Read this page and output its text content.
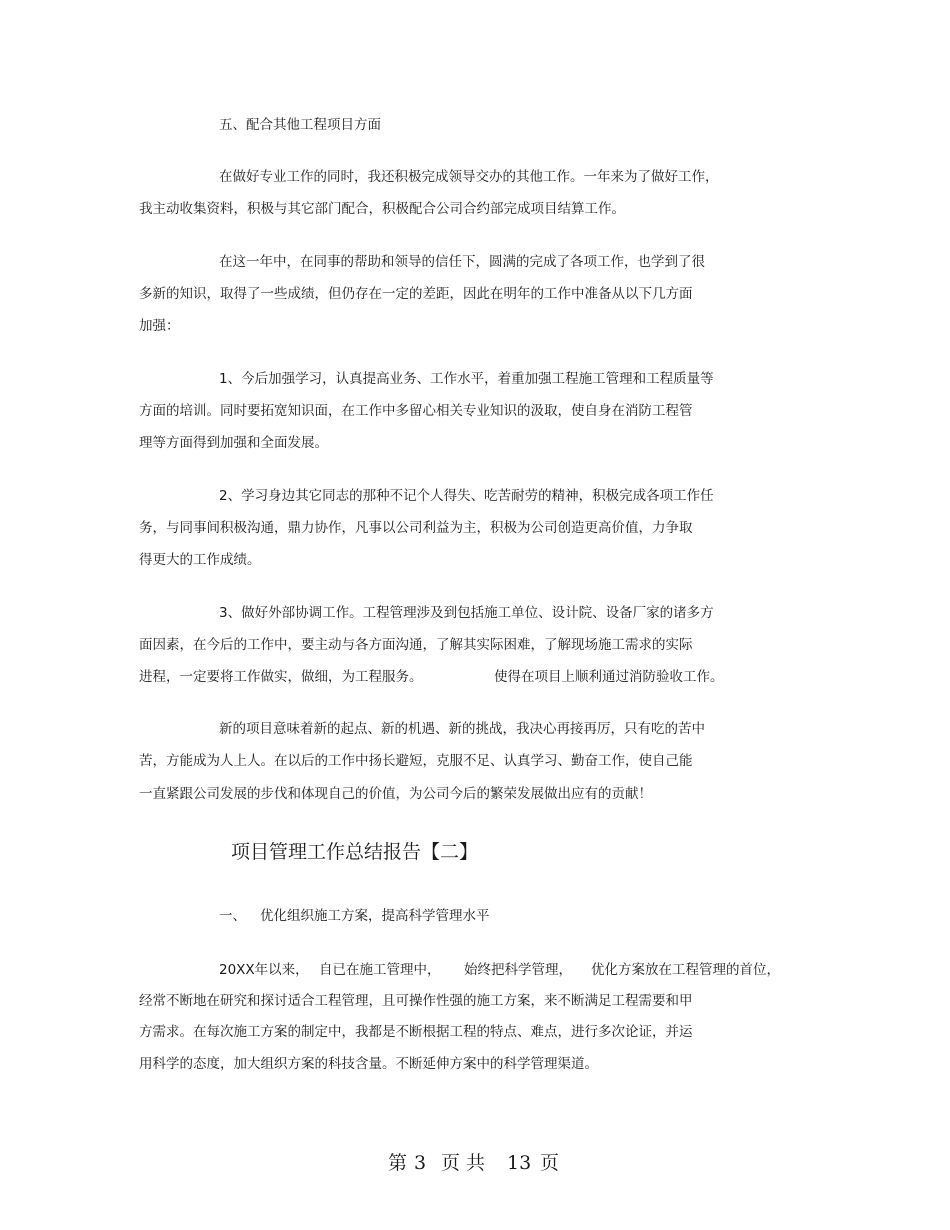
五、配合其他工程项目方面
在做好专业工作的同时，我还积极完成领导交办的其他工作。一年来为了做好工作，
我主动收集资料，积极与其它部门配合，积极配合公司合约部完成项目结算工作。
在这一年中，在同事的帮助和领导的信任下，圆满的完成了各项工作，也学到了很
多新的知识，取得了一些成绩，但仍存在一定的差距，因此在明年的工作中准备从以下几方面
加强：
1、今后加强学习，认真提高业务、工作水平，着重加强工程施工管理和工程质量等
方面的培训。同时要拓宽知识面，在工作中多留心相关专业知识的汲取，使自身在消防工程管
理等方面得到加强和全面发展。
2、学习身边其它同志的那种不记个人得失、吃苦耐劳的精神，积极完成各项工作任
务，与同事间积极沟通，鼎力协作，凡事以公司利益为主，积极为公司创造更高价值，力争取
得更大的工作成绩。
3、做好外部协调工作。工程管理涉及到包括施工单位、设计院、设备厂家的诸多方
面因素，在今后的工作中，要主动与各方面沟通，了解其实际困难，了解现场施工需求的实际
进程，一定要将工作做实，做细，为工程服务。	使得在项目上顺利通过消防验收工作。
新的项目意味着新的起点、新的机遇、新的挑战，我决心再接再厉，只有吃的苦中
苦，方能成为人上人。在以后的工作中扬长避短，克服不足、认真学习、勤奋工作，使自己能
一直紧跟公司发展的步伐和体现自己的价值，为公司今后的繁荣发展做出应有的贡献！
项目管理工作总结报告【二】
一、 优化组织施工方案，提高科学管理水平
20XX年以来， 自已在施工管理中， 始终把科学管理， 优化方案放在工程管理的首位，
经常不断地在研究和探讨适合工程管理，且可操作性强的施工方案，来不断满足工程需要和甲
方需求。在每次施工方案的制定中，我都是不断根据工程的特点、难点，进行多次论证，并运
用科学的态度，加大组织方案的科技含量。不断延伸方案中的科学管理渠道。
第 3 页 共 13 页
